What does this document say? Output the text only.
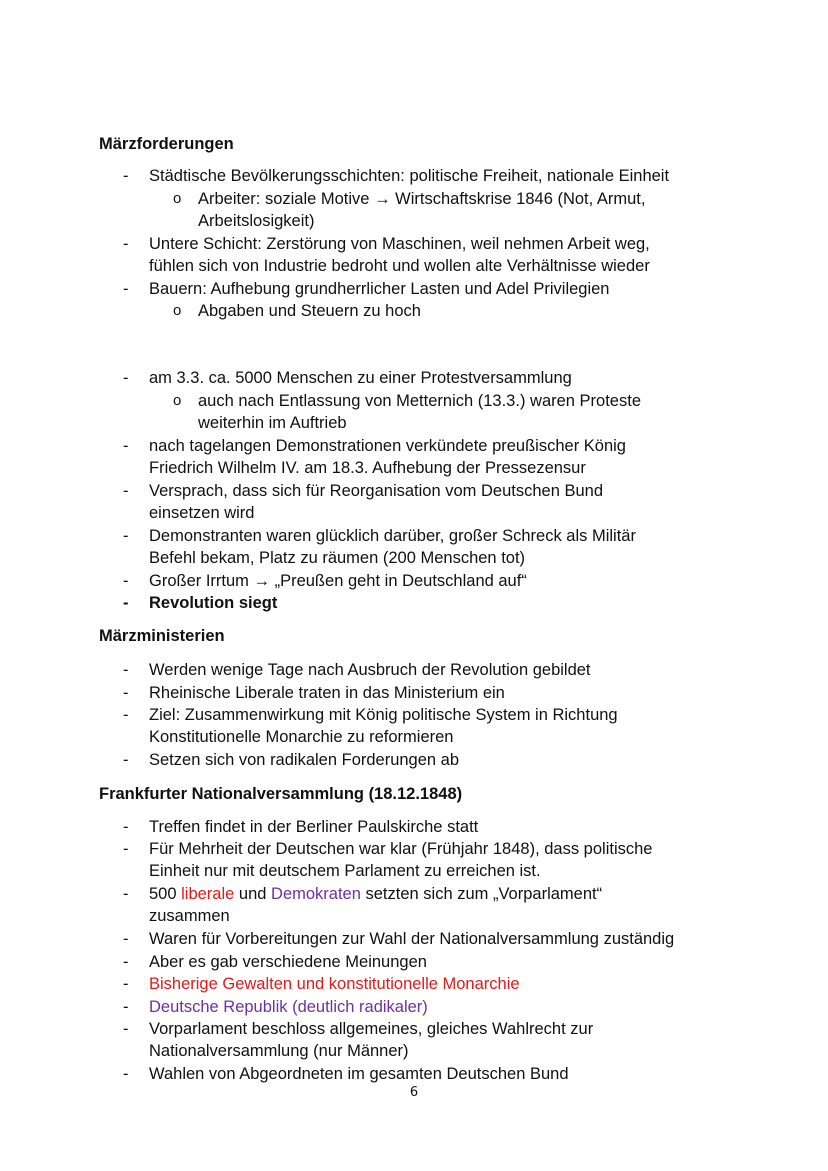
Märzforderungen
- Städtische Bevölkerungsschichten: politische Freiheit, nationale Einheit
o Arbeiter: soziale Motive → Wirtschaftskrise 1846 (Not, Armut,
Arbeitslosigkeit)
- Untere Schicht: Zerstörung von Maschinen, weil nehmen Arbeit weg,
fühlen sich von Industrie bedroht und wollen alte Verhältnisse wieder
- Bauern: Aufhebung grundherrlicher Lasten und Adel Privilegien
o Abgaben und Steuern zu hoch
- am 3.3. ca. 5000 Menschen zu einer Protestversammlung
o auch nach Entlassung von Metternich (13.3.) waren Proteste
weiterhin im Auftrieb
- nach tagelangen Demonstrationen verkündete preußischer König
Friedrich Wilhelm IV. am 18.3. Aufhebung der Pressezensur
- Versprach, dass sich für Reorganisation vom Deutschen Bund
einsetzen wird
- Demonstranten waren glücklich darüber, großer Schreck als Militär
Befehl bekam, Platz zu räumen (200 Menschen tot)
- Großer Irrtum → „Preußen geht in Deutschland auf“
- Revolution siegt
Märzministerien
- Werden wenige Tage nach Ausbruch der Revolution gebildet
- Rheinische Liberale traten in das Ministerium ein
- Ziel: Zusammenwirkung mit König politische System in Richtung
Konstitutionelle Monarchie zu reformieren
- Setzen sich von radikalen Forderungen ab
Frankfurter Nationalversammlung (18.12.1848)
- Treffen findet in der Berliner Paulskirche statt
- Für Mehrheit der Deutschen war klar (Frühjahr 1848), dass politische
Einheit nur mit deutschem Parlament zu erreichen ist.
- 500 liberale und Demokraten setzten sich zum „Vorparlament“
zusammen
- Waren für Vorbereitungen zur Wahl der Nationalversammlung zuständig
- Aber es gab verschiedene Meinungen
- Bisherige Gewalten und konstitutionelle Monarchie
- Deutsche Republik (deutlich radikaler)
- Vorparlament beschloss allgemeines, gleiches Wahlrecht zur
Nationalversammlung (nur Männer)
- Wahlen von Abgeordneten im gesamten Deutschen Bund
6
